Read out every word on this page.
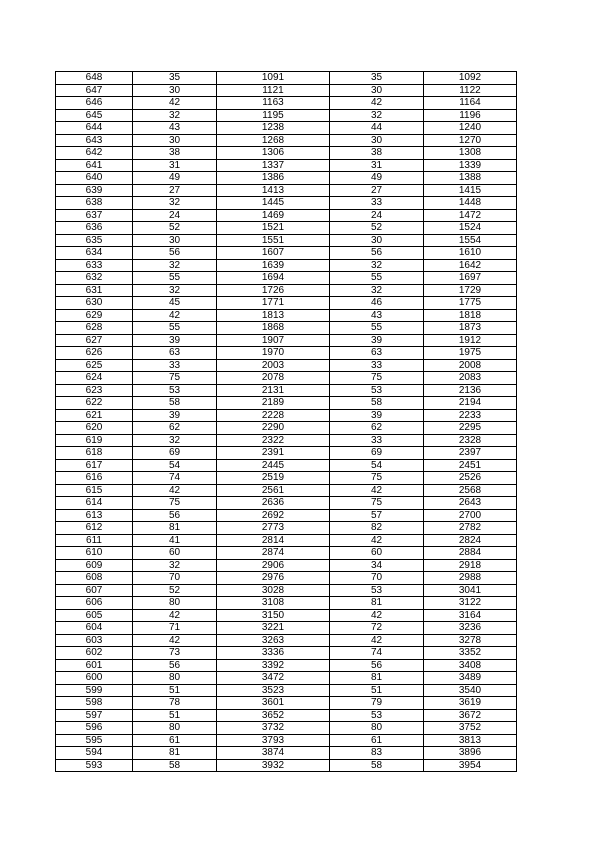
648	35	1091	35	1092
647	30	1121	30	1122
646	42	1163	42	1164
645	32	1195	32	1196
644	43	1238	44	1240
643	30	1268	30	1270
642	38	1306	38	1308
641	31	1337	31	1339
640	49	1386	49	1388
639	27	1413	27	1415
638	32	1445	33	1448
637	24	1469	24	1472
636	52	1521	52	1524
635	30	1551	30	1554
634	56	1607	56	1610
633	32	1639	32	1642
632	55	1694	55	1697
631	32	1726	32	1729
630	45	1771	46	1775
629	42	1813	43	1818
628	55	1868	55	1873
627	39	1907	39	1912
626	63	1970	63	1975
625	33	2003	33	2008
624	75	2078	75	2083
623	53	2131	53	2136
622	58	2189	58	2194
621	39	2228	39	2233
620	62	2290	62	2295
619	32	2322	33	2328
618	69	2391	69	2397
617	54	2445	54	2451
616	74	2519	75	2526
615	42	2561	42	2568
614	75	2636	75	2643
613	56	2692	57	2700
612	81	2773	82	2782
611	41	2814	42	2824
610	60	2874	60	2884
609	32	2906	34	2918
608	70	2976	70	2988
607	52	3028	53	3041
606	80	3108	81	3122
605	42	3150	42	3164
604	71	3221	72	3236
603	42	3263	42	3278
602	73	3336	74	3352
601	56	3392	56	3408
600	80	3472	81	3489
599	51	3523	51	3540
598	78	3601	79	3619
597	51	3652	53	3672
596	80	3732	80	3752
595	61	3793	61	3813
594	81	3874	83	3896
593	58	3932	58	3954
